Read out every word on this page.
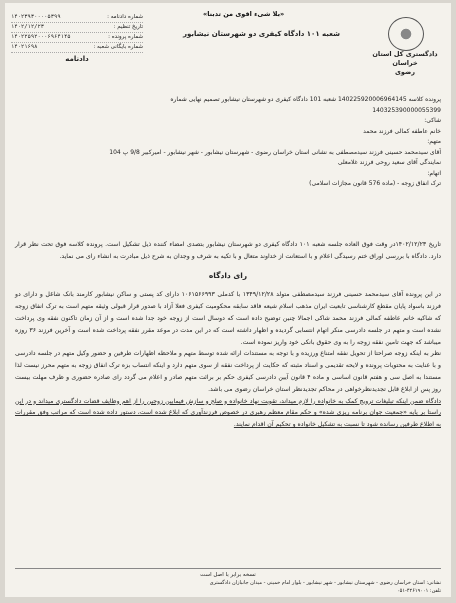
دادگستری کل استان خراسان
رضوی
«بلا شیء اقوی من تدبنا»
شعبه ۱۰۱ دادگاه کیفری دو شهرستان نیشابور
شماره دادنامه :
۱۴۰۲۳۹۳۰۰۰۰۵۳۹۹
تاریخ تنظیم :
۱۴۰۲/۱۲/۲۳
شماره پرونده :
۱۴۰۲۲۵۹۲۰۰۰۶۹۶۴۱۴۵
شماره بایگانی شعبه :
۱۴۰۲۱۶۹۸
دادنامه
پرونده کلاسه 140225920006964145 شعبه 101 دادگاه کیفری دو شهرستان نیشابور تصمیم نهایی شماره
140325390000055399
شاکی:
خانم عاطفه کمالی فرزند محمد
متهم:
آقای سیدمحمد حسینی فرزند سیدمصطفی به نشانی استان خراسان رضوی - شهرستان نیشابور - شهر نیشابور - امیرکبیر 9/8 پ 104
نمایندگی آقای سعید روحی فرزند غلامعلی
اتهام:
ترک انفاق زوجه - (ماده 576 قانون مجازات اسلامی)

تاریخ ۱۴۰۲/۱۲/۲۳در وقت فوق العاده جلسه شعبه ۱۰۱ دادگاه کیفری دو شهرستان نیشابور بتصدی امضاء کننده ذیل تشکیل است. پرونده کلاسه فوق تحت نظر قرار دارد. دادگاه با بررسی اوراق ختم رسیدگی اعلام و با استعانت از خداوند متعال و با تکیه به شرف و وجدان به شرح ذیل مبادرت به انشاء رای می نماید.

رای دادگاه

در این پرونده آقای سیدمحمد حسینی فرزند سیدمصطفی متولد ۱۳۴۹/۱۲/۲۸ با کدملی ۱۰۶۱۵۶۶۹۹۳ دارای کد پستی و ساکن نیشابور کارمند بانک شاغل و دارای دو فرزند باسواد پایان مقطع کارشناسی تابعیت ایران مذهب اسلام شیعه فاقد سابقه محکومیت کیفری فعلا آزاد با صدور قرار قبولی وثیقه متهم است به ترک انفاق زوجه که شاکیه خانم عاطفه کمالی فرزند محمد شاکی اجمالا چنین توضیح داده است که دوسال است از زوجه خود جدا شده است و از آن زمان تاکنون نفقه وی پرداخت نشده است و متهم در جلسه دادرسی منکر اتهام انتسابی گردیده و اظهار داشته است که در این مدت در موعد مقرر نفقه پرداخت شده است و آخرین فرزند ۳۶ روزه میباشد که جهت تامین نفقه زوجه را به وی حقوق بانکی خود واریز نموده است.

نظر به اینکه زوجه صراحتا از تحویل نفقه امتناع ورزیده و با توجه به مستندات ارائه شده توسط متهم و ملاحظه اظهارات طرفین و حضور وکیل متهم در جلسه دادرسی و با عنایت به محتویات پرونده و لایحه تقدیمی و اسناد مثبته که حکایت از پرداخت نفقه از سوی متهم دارد و اینکه انتساب بزه ترک انفاق زوجه به متهم محرز نیست لذا مستندا به اصل سی و هفتم قانون اساسی و ماده ۴ قانون آیین دادرسی کیفری حکم بر برائت متهم صادر و اعلام می گردد رای صادره حضوری و ظرف مهلت بیست روز پس از ابلاغ قابل تجدیدنظرخواهی در محاکم تجدیدنظر استان خراسان رضوی می باشد.

دادگاه ضمن اینکه تبلیغات ترویج کمک به خانواده را لازم میداند، تقویت نهاد خانواده و صلح و سازش فیمابین زوجین را از اهم وظایف قضات دادگستری میداند و در این راستا بر پایه «جمعیت جوان برنامه ریزی شده» و حکم مقام معظم رهبری در خصوص فرزندآوری که ابلاغ شده است، دستور داده شده است که مراتب وفق مقررات به اطلاع طرفین رسانده شود تا نسبت به تشکیل خانواده و تحکیم آن اقدام نمایند.

نسخه برابر با اصل است
نشانی: استان خراسان رضوی - شهرستان نیشابور - شهر نیشابور - بلوار امام خمینی - میدان جانبازان دادگستری
تلفن: ۴۲۶۱۹۰۰۱-۰۵۱
